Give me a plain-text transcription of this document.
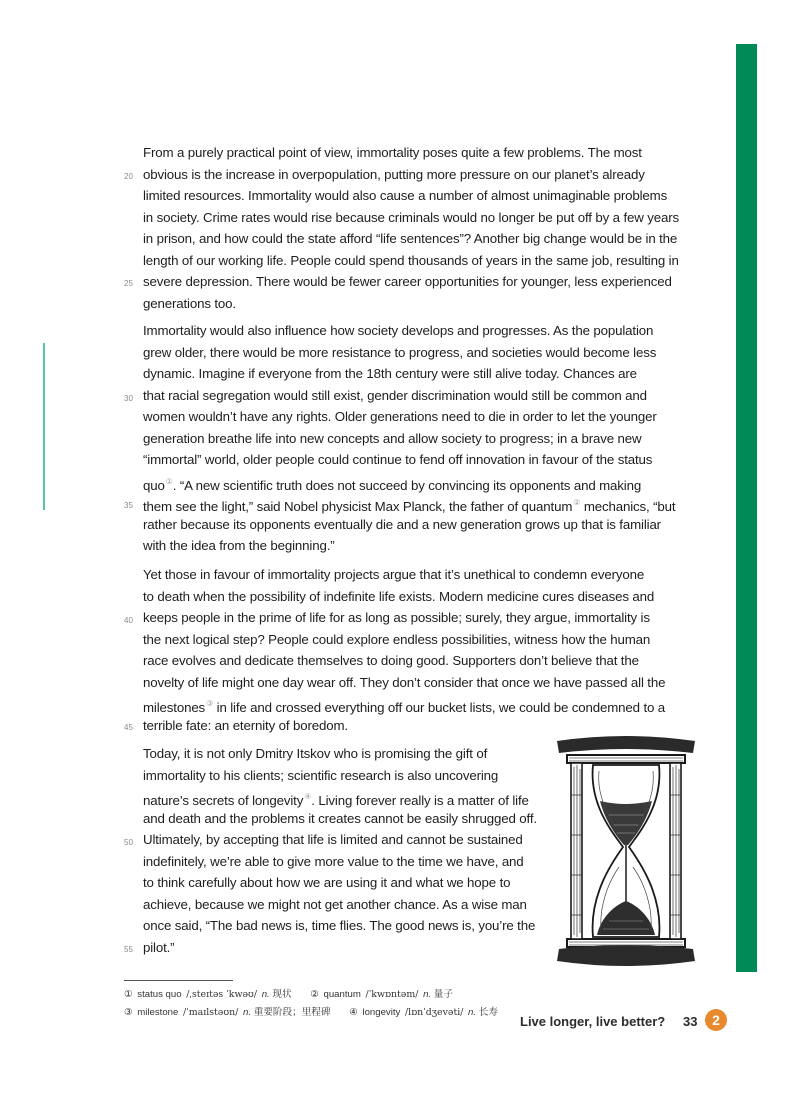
From a purely practical point of view, immortality poses quite a few problems. The most
obvious is the increase in overpopulation, putting more pressure on our planet’s already
limited resources. Immortality would also cause a number of almost unimaginable problems
in society. Crime rates would rise because criminals would no longer be put off by a few years
in prison, and how could the state afford “life sentences”? Another big change would be in the
length of our working life. People could spend thousands of years in the same job, resulting in
severe depression. There would be fewer career opportunities for younger, less experienced
generations too.
Immortality would also influence how society develops and progresses. As the population
grew older, there would be more resistance to progress, and societies would become less
dynamic. Imagine if everyone from the 18th century were still alive today. Chances are
that racial segregation would still exist, gender discrimination would still be common and
women wouldn’t have any rights. Older generations need to die in order to let the younger
generation breathe life into new concepts and allow society to progress; in a brave new
“immortal” world, older people could continue to fend off innovation in favour of the status
quo①. “A new scientific truth does not succeed by convincing its opponents and making
them see the light,” said Nobel physicist Max Planck, the father of quantum② mechanics, “but
rather because its opponents eventually die and a new generation grows up that is familiar
with the idea from the beginning.”
Yet those in favour of immortality projects argue that it’s unethical to condemn everyone
to death when the possibility of indefinite life exists. Modern medicine cures diseases and
keeps people in the prime of life for as long as possible; surely, they argue, immortality is
the next logical step? People could explore endless possibilities, witness how the human
race evolves and dedicate themselves to doing good. Supporters don’t believe that the
novelty of life might one day wear off. They don’t consider that once we have passed all the
milestones③ in life and crossed everything off our bucket lists, we could be condemned to a
terrible fate: an eternity of boredom.
Today, it is not only Dmitry Itskov who is promising the gift of
immortality to his clients; scientific research is also uncovering
nature’s secrets of longevity④. Living forever really is a matter of life
and death and the problems it creates cannot be easily shrugged off.
Ultimately, by accepting that life is limited and cannot be sustained
indefinitely, we’re able to give more value to the time we have, and
to think carefully about how we are using it and what we hope to
achieve, because we might not get another chance. As a wise man
once said, “The bad news is, time flies. The good news is, you’re the
pilot.”
20
25
30
35
40
45
50
55
① status quo /ˌsteɪtəs ˈkwəʊ/ n. 现状 ② quantum /ˈkwɒntəm/ n. 量子
③ milestone /ˈmaɪlstəʊn/ n. 重要阶段；里程碑 ④ longevity /lɒnˈdʒevəti/ n. 长寿
Live longer, live better? 33	2
